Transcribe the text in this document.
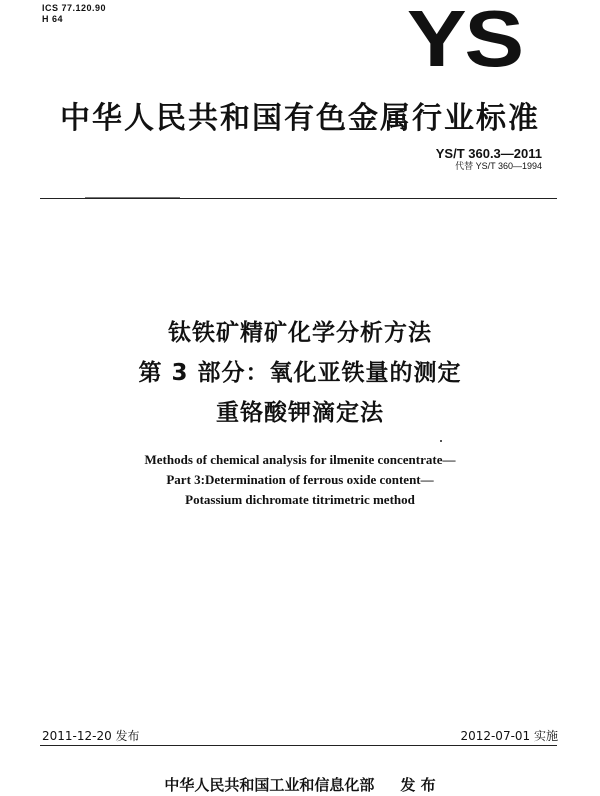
ICS 77.120.90
H 64	YS
中华人民共和国有色金属行业标准
YS/T 360.3—2011
代替 YS/T 360—1994
钛铁矿精矿化学分析方法
第 3 部分：氧化亚铁量的测定
重铬酸钾滴定法
Methods of chemical analysis for ilmenite concentrate—
Part 3:Determination of ferrous oxide content—
Potassium dichromate titrimetric method
2011-12-20 发布	2012-07-01 实施
中华人民共和国工业和信息化部 发 布
